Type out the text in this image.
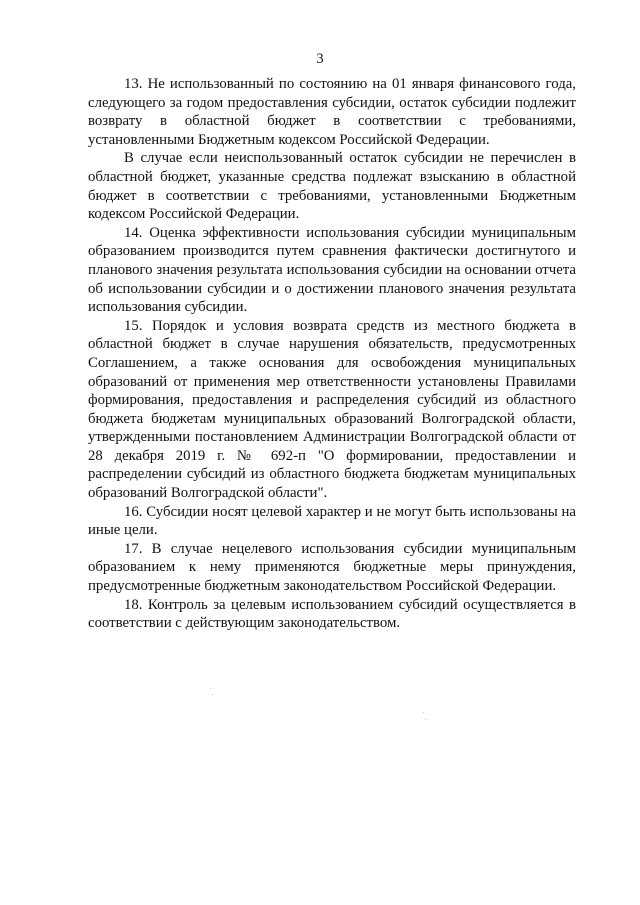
3

13. Не использованный по состоянию на 01 января финансового года, следующего за годом предоставления субсидии, остаток субсидии подлежит возврату в областной бюджет в соответствии с требованиями, установленными Бюджетным кодексом Российской Федерации.

В случае если неиспользованный остаток субсидии не перечислен в областной бюджет, указанные средства подлежат взысканию в областной бюджет в соответствии с требованиями, установленными Бюджетным кодексом Российской Федерации.

14. Оценка эффективности использования субсидии муниципальным образованием производится путем сравнения фактически достигнутого и планового значения результата использования субсидии на основании отчета об использовании субсидии и о достижении планового значения результата использования субсидии.

15. Порядок и условия возврата средств из местного бюджета в областной бюджет в случае нарушения обязательств, предусмотренных Соглашением, а также основания для освобождения муниципальных образований от применения мер ответственности установлены Правилами формирования, предоставления и распределения субсидий из областного бюджета бюджетам муниципальных образований Волгоградской области, утвержденными постановлением Администрации Волгоградской области от 28 декабря 2019 г. № 692-п "О формировании, предоставлении и распределении субсидий из областного бюджета бюджетам муниципальных образований Волгоградской области".

16. Субсидии носят целевой характер и не могут быть использованы на иные цели.

17. В случае нецелевого использования субсидии муниципальным образованием к нему применяются бюджетные меры принуждения, предусмотренные бюджетным законодательством Российской Федерации.

18. Контроль за целевым использованием субсидий осуществляется в соответствии с действующим законодательством.
